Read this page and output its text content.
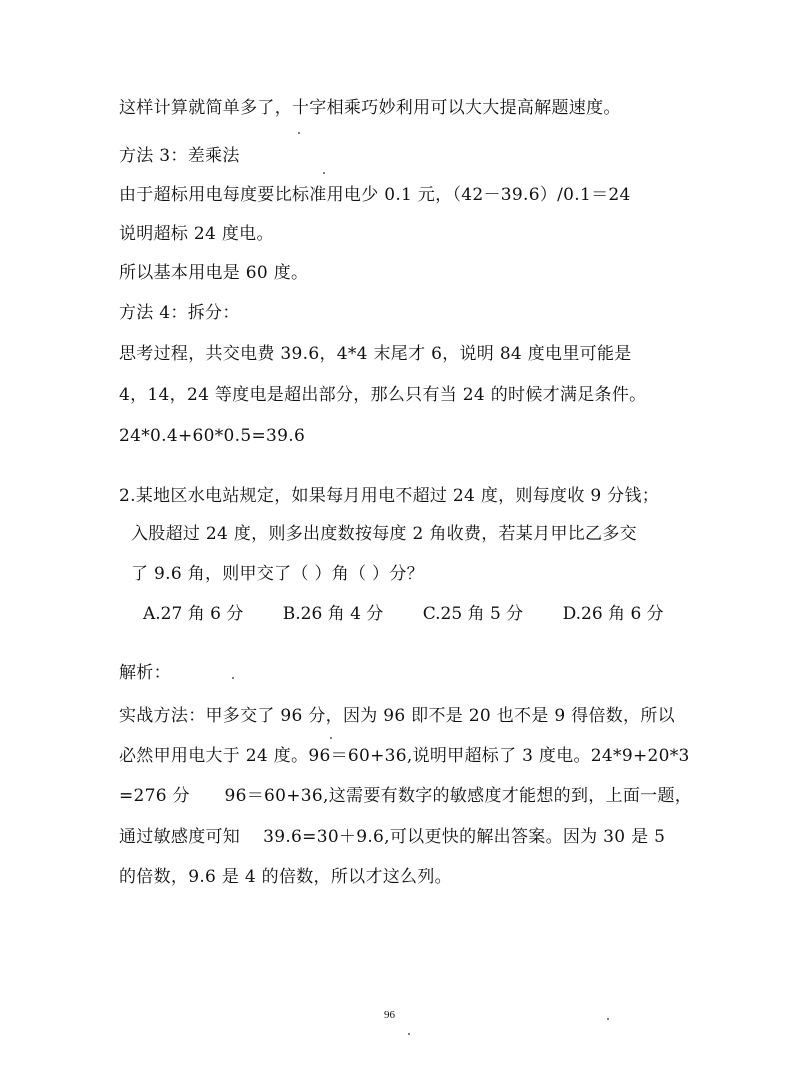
这样计算就简单多了，十字相乘巧妙利用可以大大提高解题速度。
方法 3：差乘法
由于超标用电每度要比标准用电少 0.1 元，（42－39.6）/0.1＝24
说明超标 24 度电。
所以基本用电是 60 度。
方法 4：拆分：
思考过程，共交电费 39.6，4*4 末尾才 6，说明 84 度电里可能是
4，14，24 等度电是超出部分，那么只有当 24 的时候才满足条件。
24*0.4+60*0.5=39.6
2.某地区水电站规定，如果每月用电不超过 24 度，则每度收 9 分钱；
入股超过 24 度，则多出度数按每度 2 角收费，若某月甲比乙多交
了 9.6 角，则甲交了（ ）角（ ）分？
A.27 角 6 分 B.26 角 4 分 C.25 角 5 分 D.26 角 6 分
解析：
实战方法：甲多交了 96 分，因为 96 即不是 20 也不是 9 得倍数，所以
必然甲用电大于 24 度。96＝60+36,说明甲超标了 3 度电。24*9+20*3
=276 分　　96＝60+36,这需要有数字的敏感度才能想的到，上面一题，
通过敏感度可知　 39.6=30＋9.6,可以更快的解出答案。因为 30 是 5
的倍数，9.6 是 4 的倍数，所以才这么列。
96
